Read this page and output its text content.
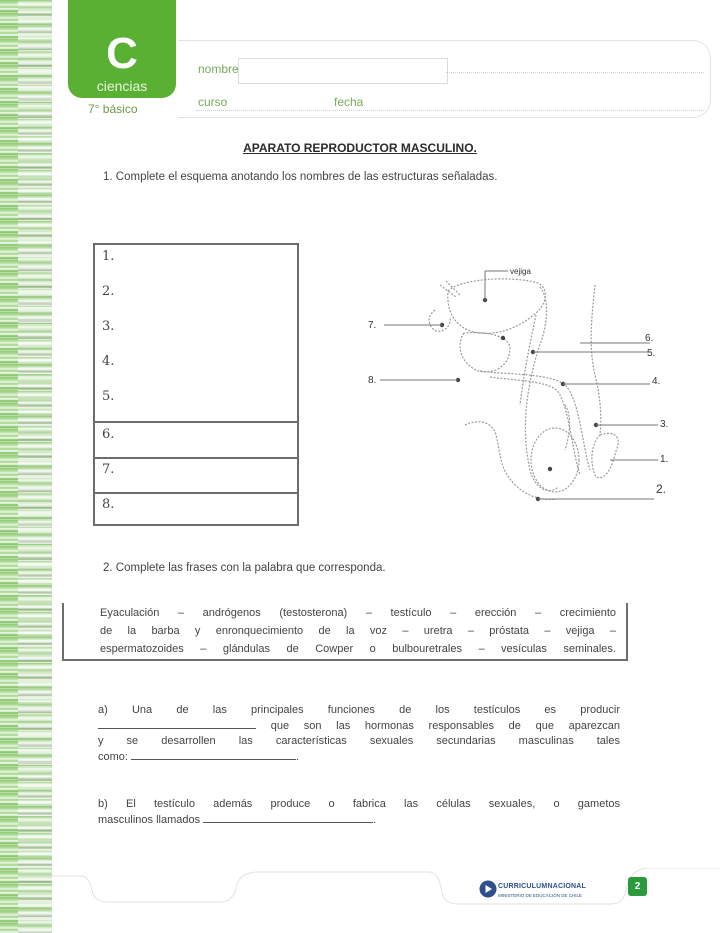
C
ciencias
7° básico
nombre
curso	fecha
APARATO REPRODUCTOR MASCULINO.
1. Complete el esquema anotando los nombres de las estructuras señaladas.
1.
2.
3.
4.
5.
6.
7.
8.
vejiga
7.
8.
6.
5.
4.
3.
1.
2.
2. Complete las frases con la palabra que corresponda.

Eyaculación – andrógenos (testosterona) – testículo – erección – crecimiento

de la barba y enronquecimiento de la voz – uretra – próstata – vejiga –

espermatozoides – glándulas de Cowper o bulbouretrales – vesículas seminales.

a) Una de las principales funciones de los testículos es producir
que son las hormonas responsables de que aparezcan
y se desarrollen las características sexuales secundarias masculinas tales
como:	.
b) El testículo además produce o fabrica las células sexuales, o gametos
masculinos llamados	.
CURRICULUMNACIONAL
MINISTERIO DE EDUCACIÓN DE CHILE
2
